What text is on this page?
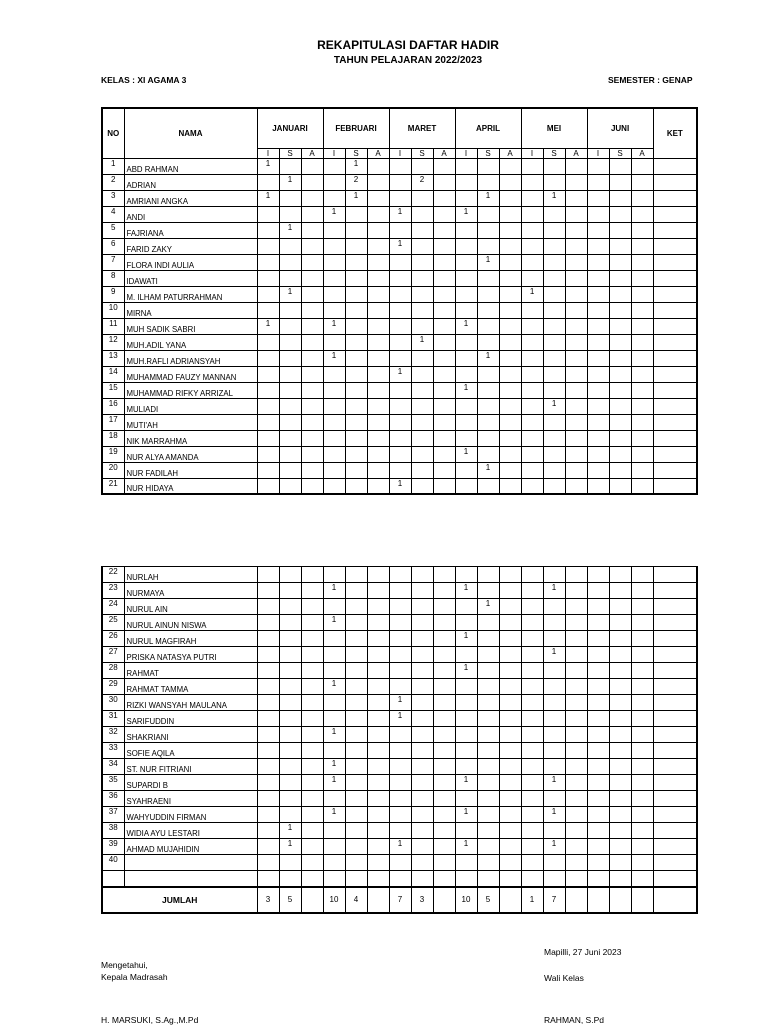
REKAPITULASI DAFTAR HADIR
TAHUN PELAJARAN 2022/2023
KELAS : XI AGAMA 3	SEMESTER : GENAP
NO	NAMA	JANUARI			FEBRUARI			MARET			APRIL			MEI			JUNI			KET
		I	S	A	I	S	A	I	S	A	I	S	A	I	S	A	I	S	A	
1	ABD RAHMAN	1				1														
2	ADRIAN		1			2			2											
3	AMRIANI ANGKA	1				1						1			1					
4	ANDI				1			1			1									
5	FAJRIANA		1																	
6	FARID ZAKY							1												
7	FLORA INDI AULIA											1								
8	IDAWATI																			
9	M. ILHAM PATURRAHMAN		1											1						
10	MIRNA																			
11	MUH SADIK SABRI	1			1						1									
12	MUH.ADIL YANA								1											
13	MUH.RAFLI ADRIANSYAH				1							1								
14	MUHAMMAD FAUZY MANNAN							1												
15	MUHAMMAD RIFKY ARRIZAL										1									
16	MULIADI														1					
17	MUTI'AH																			
18	NIK MARRAHMA																			
19	NUR ALYA AMANDA										1									
20	NUR FADILAH											1								
21	NUR HIDAYA							1												
22	NURLAH																			
23	NURMAYA				1						1				1					
24	NURUL AIN											1								
25	NURUL AINUN NISWA				1															
26	NURUL MAGFIRAH										1									
27	PRISKA NATASYA PUTRI														1					
28	RAHMAT										1									
29	RAHMAT TAMMA				1															
30	RIZKI WANSYAH MAULANA							1												
31	SARIFUDDIN							1												
32	SHAKRIANI				1															
33	SOFIE AQILA																			
34	ST. NUR FITRIANI				1															
35	SUPARDI B				1						1				1					
36	SYAHRAENI																			
37	WAHYUDDIN FIRMAN				1						1				1					
38	WIDIA AYU LESTARI		1																	
39	AHMAD MUJAHIDIN		1					1			1				1					
40																				

JUMLAH		3	5		10	4		7	3		10	5		1	7					
Mapilli, 27 Juni 2023
Mengetahui,
Kepala Madrasah	Wali Kelas
H. MARSUKI, S.Ag.,M.Pd	RAHMAN, S.Pd
